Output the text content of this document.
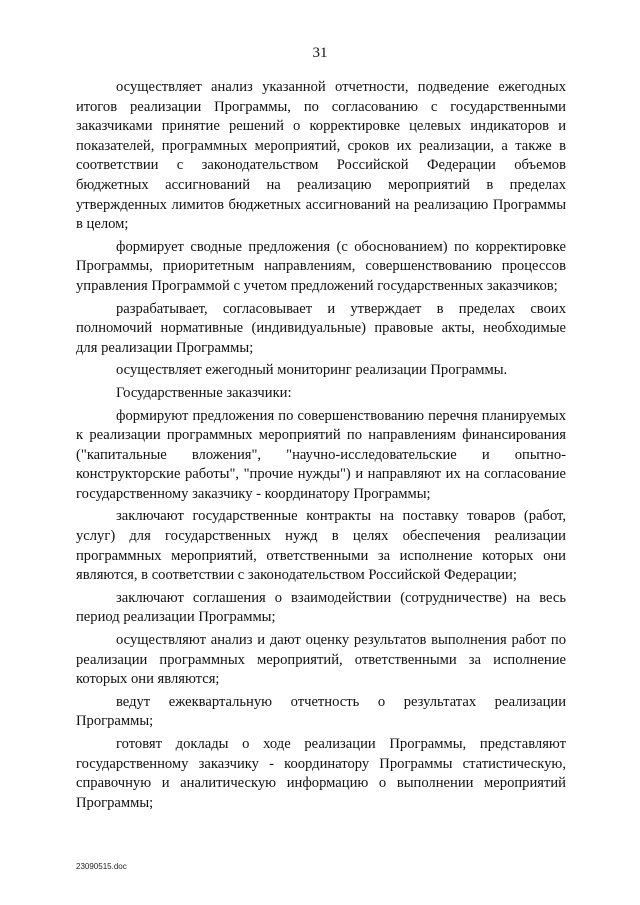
31

осуществляет анализ указанной отчетности, подведение ежегодных итогов реализации Программы, по согласованию с государственными заказчиками принятие решений о корректировке целевых индикаторов и показателей, программных мероприятий, сроков их реализации, а также в соответствии с законодательством Российской Федерации объемов бюджетных ассигнований на реализацию мероприятий в пределах утвержденных лимитов бюджетных ассигнований на реализацию Программы в целом;

формирует сводные предложения (с обоснованием) по корректировке Программы, приоритетным направлениям, совершенствованию процессов управления Программой с учетом предложений государственных заказчиков;

разрабатывает, согласовывает и утверждает в пределах своих полномочий нормативные (индивидуальные) правовые акты, необходимые для реализации Программы;

осуществляет ежегодный мониторинг реализации Программы.

Государственные заказчики:

формируют предложения по совершенствованию перечня планируемых к реализации программных мероприятий по направлениям финансирования ("капитальные вложения", "научно-исследовательские и опытно-конструкторские работы", "прочие нужды") и направляют их на согласование государственному заказчику - координатору Программы;

заключают государственные контракты на поставку товаров (работ, услуг) для государственных нужд в целях обеспечения реализации программных мероприятий, ответственными за исполнение которых они являются, в соответствии с законодательством Российской Федерации;

заключают соглашения о взаимодействии (сотрудничестве) на весь период реализации Программы;

осуществляют анализ и дают оценку результатов выполнения работ по реализации программных мероприятий, ответственными за исполнение которых они являются;

ведут ежеквартальную отчетность о результатах реализации Программы;

готовят доклады о ходе реализации Программы, представляют государственному заказчику - координатору Программы статистическую, справочную и аналитическую информацию о выполнении мероприятий Программы;

23090515.doc
